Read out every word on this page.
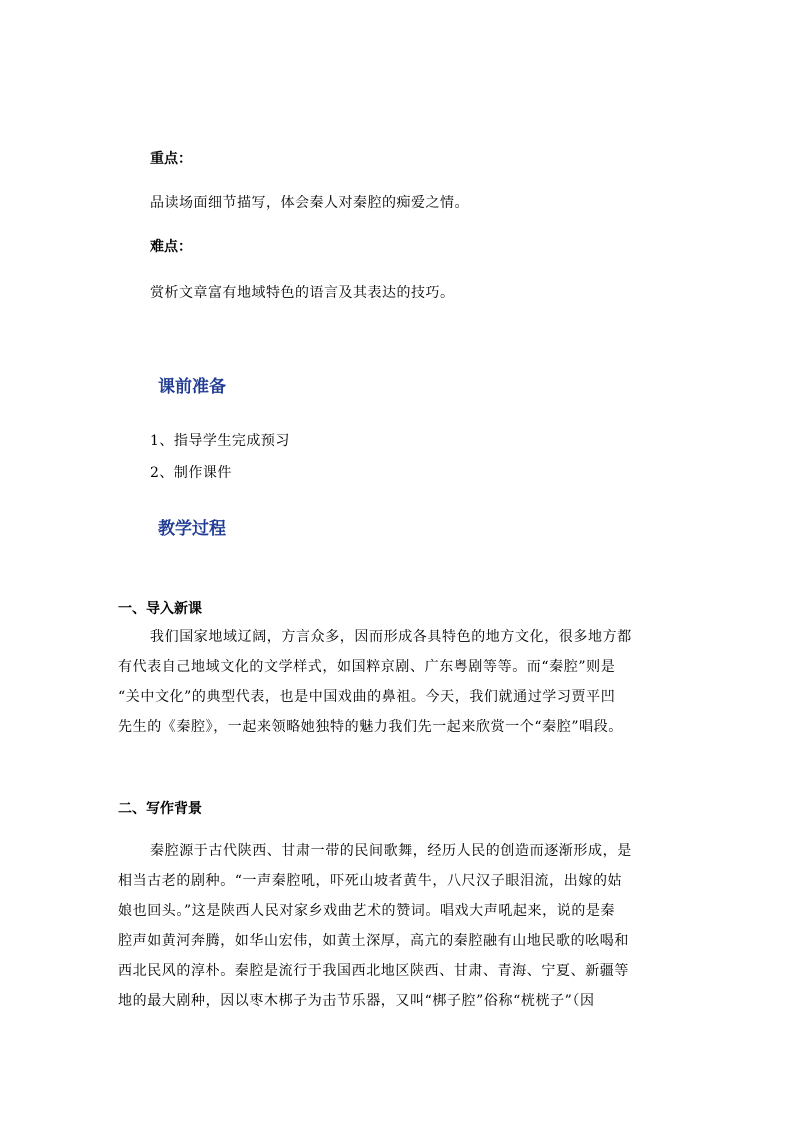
重点：
品读场面细节描写，体会秦人对秦腔的痴爱之情。
难点：
赏析文章富有地域特色的语言及其表达的技巧。
课前准备
1、指导学生完成预习
2、制作课件
教学过程
一、导入新课
我们国家地域辽阔，方言众多，因而形成各具特色的地方文化，很多地方都
有代表自己地域文化的文学样式，如国粹京剧、广东粤剧等等。而“秦腔”则是
“关中文化”的典型代表，也是中国戏曲的鼻祖。今天，我们就通过学习贾平凹
先生的《秦腔》，一起来领略她独特的魅力我们先一起来欣赏一个“秦腔”唱段。
二、写作背景
秦腔源于古代陕西、甘肃一带的民间歌舞，经历人民的创造而逐渐形成，是
相当古老的剧种。“一声秦腔吼，吓死山坡者黄牛，八尺汉子眼泪流，出嫁的姑
娘也回头。”这是陕西人民对家乡戏曲艺术的赞词。唱戏大声吼起来，说的是秦
腔声如黄河奔腾，如华山宏伟，如黄土深厚，高亢的秦腔融有山地民歌的吆喝和
西北民风的淳朴。秦腔是流行于我国西北地区陕西、甘肃、青海、宁夏、新疆等
地的最大剧种，因以枣木梆子为击节乐器，又叫“梆子腔”俗称“桄桄子”（因
